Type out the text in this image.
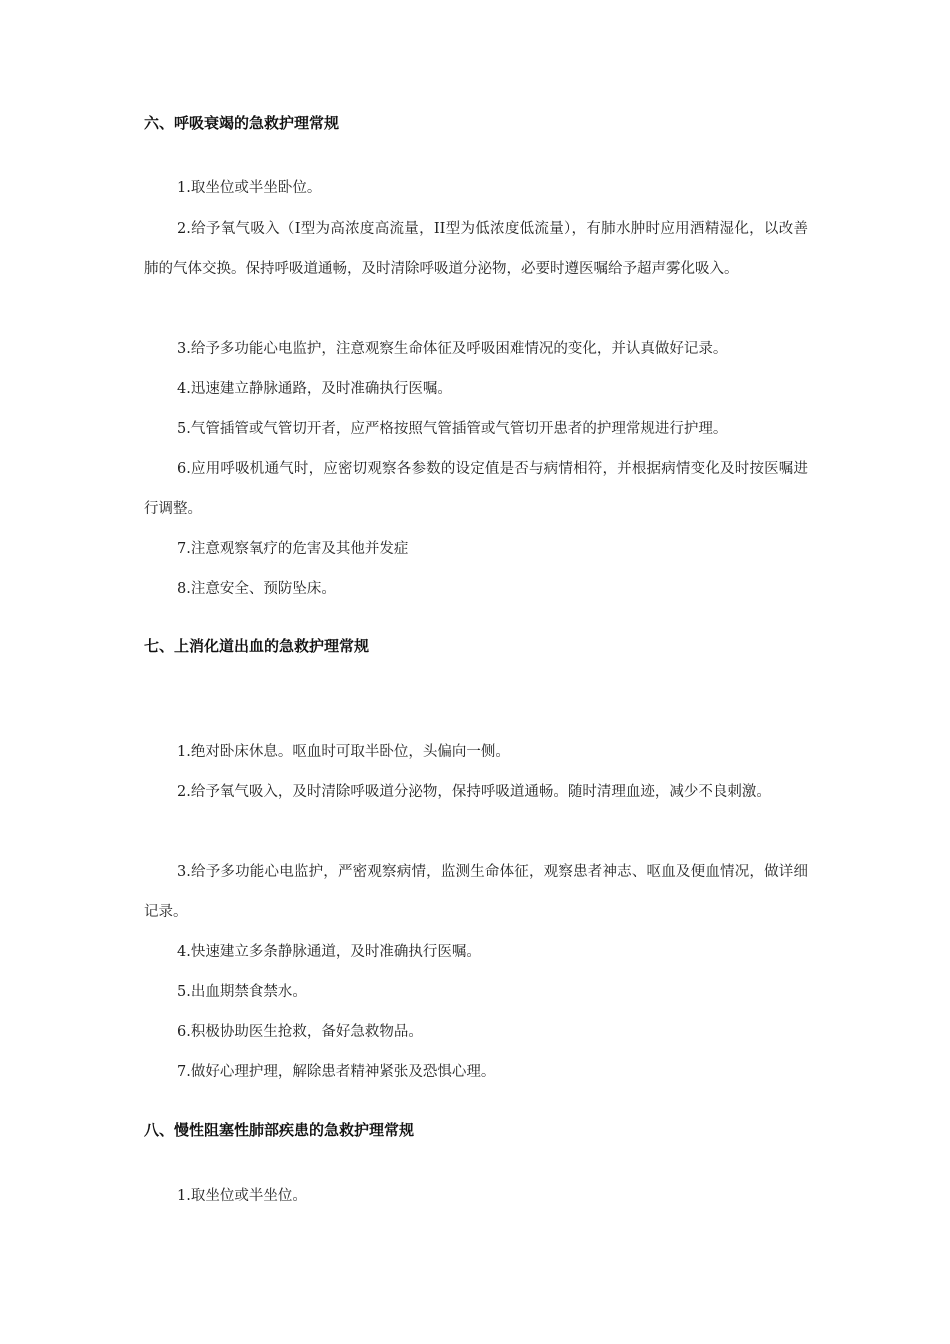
六、呼吸衰竭的急救护理常规

1.取坐位或半坐卧位。

2.给予氧气吸入（I型为高浓度高流量，II型为低浓度低流量），有肺水肿时应用酒精湿化，以改善肺的气体交换。保持呼吸道通畅，及时清除呼吸道分泌物，必要时遵医嘱给予超声雾化吸入。

3.给予多功能心电监护，注意观察生命体征及呼吸困难情况的变化，并认真做好记录。

4.迅速建立静脉通路，及时准确执行医嘱。

5.气管插管或气管切开者，应严格按照气管插管或气管切开患者的护理常规进行护理。

6.应用呼吸机通气时，应密切观察各参数的设定值是否与病情相符，并根据病情变化及时按医嘱进行调整。

7.注意观察氧疗的危害及其他并发症

8.注意安全、预防坠床。

七、上消化道出血的急救护理常规

1.绝对卧床休息。呕血时可取半卧位，头偏向一侧。

2.给予氧气吸入，及时清除呼吸道分泌物，保持呼吸道通畅。随时清理血迹，减少不良刺激。

3.给予多功能心电监护，严密观察病情，监测生命体征，观察患者神志、呕血及便血情况，做详细记录。

4.快速建立多条静脉通道，及时准确执行医嘱。

5.出血期禁食禁水。

6.积极协助医生抢救，备好急救物品。

7.做好心理护理，解除患者精神紧张及恐惧心理。

八、慢性阻塞性肺部疾患的急救护理常规

1.取坐位或半坐位。
